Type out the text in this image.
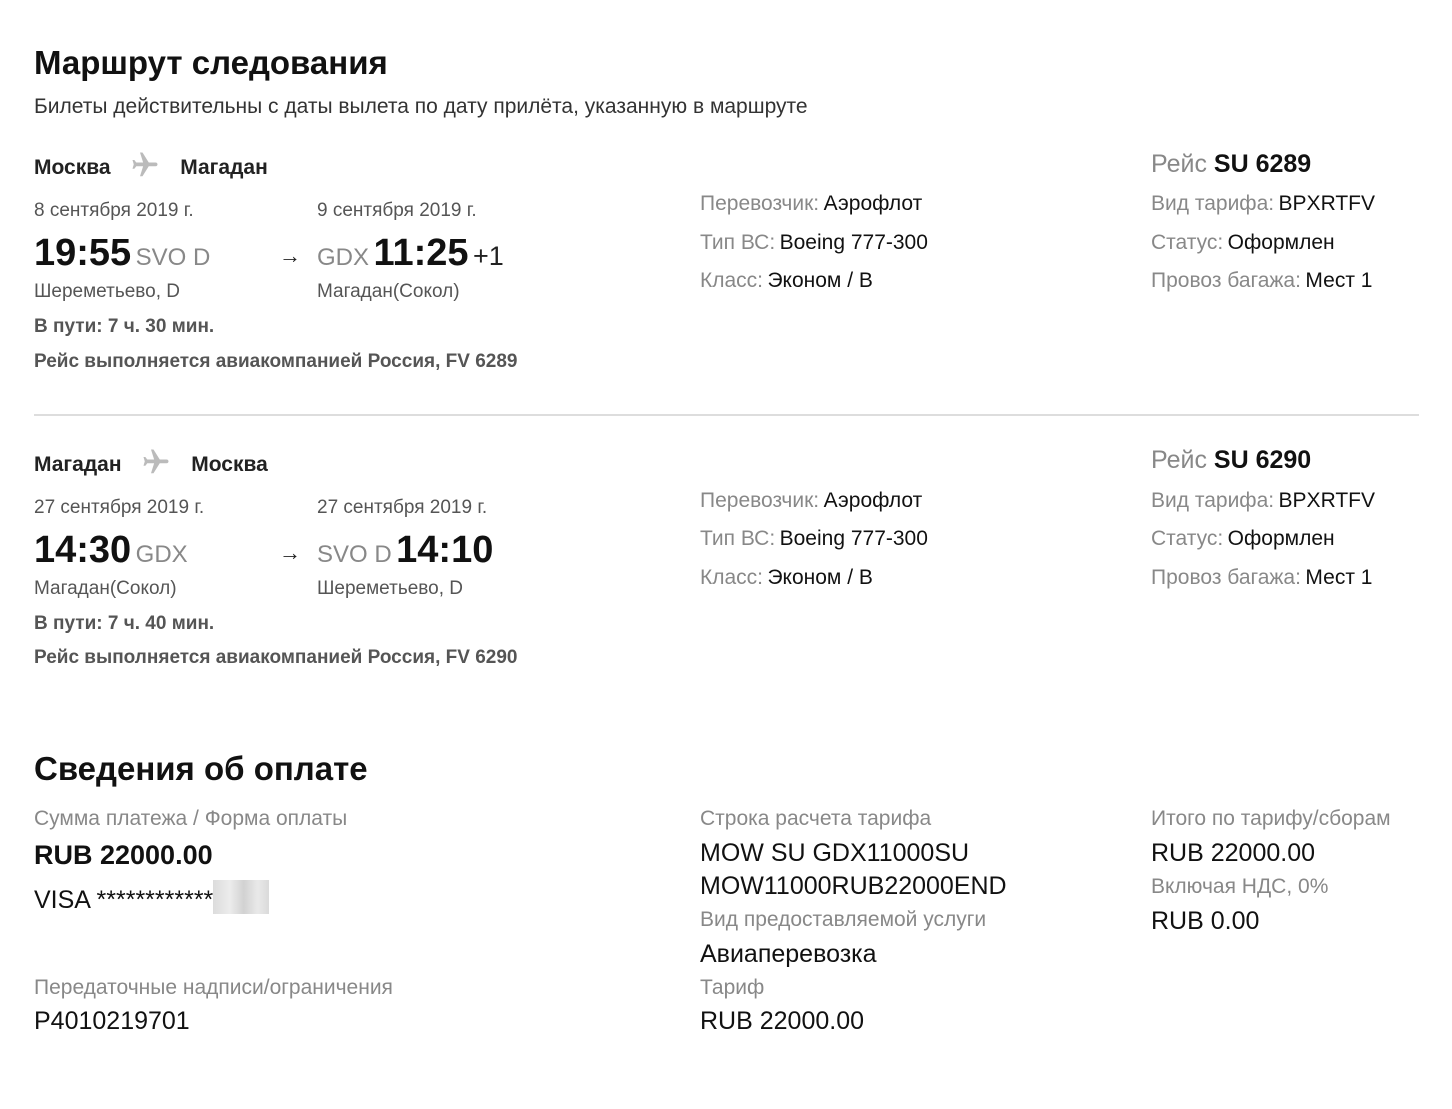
Маршрут следования
Билеты действительны с даты вылета по дату прилёта, указанную в маршруте
Москва	Магадан
8 сентября 2019 г.	9 сентября 2019 г.
19:55 SVO D	→ GDX 11:25 +1
Шереметьево, D	Магадан(Сокол)
В пути: 7 ч. 30 мин.
Рейс выполняется авиакомпанией Россия, FV 6289
Перевозчик: Аэрофлот
Тип ВС: Boeing 777-300
Класс: Эконом / B
Рейс SU 6289
Вид тарифа: BPXRTFV
Статус: Оформлен
Провоз багажа: Мест 1
Магадан	Москва
27 сентября 2019 г.	27 сентября 2019 г.
14:30 GDX	→ SVO D 14:10
Магадан(Сокол)	Шереметьево, D
В пути: 7 ч. 40 мин.
Рейс выполняется авиакомпанией Россия, FV 6290
Перевозчик: Аэрофлот
Тип ВС: Boeing 777-300
Класс: Эконом / B
Рейс SU 6290
Вид тарифа: BPXRTFV
Статус: Оформлен
Провоз багажа: Мест 1
Сведения об оплате
Сумма платежа / Форма оплаты
RUB 22000.00
VISA ************
Передаточные надписи/ограничения
P4010219701
Строка расчета тарифа
MOW SU GDX11000SU
MOW11000RUB22000END
Вид предоставляемой услуги
Авиаперевозка
Тариф
RUB 22000.00
Итого по тарифу/сборам
RUB 22000.00
Включая НДС, 0%
RUB 0.00
